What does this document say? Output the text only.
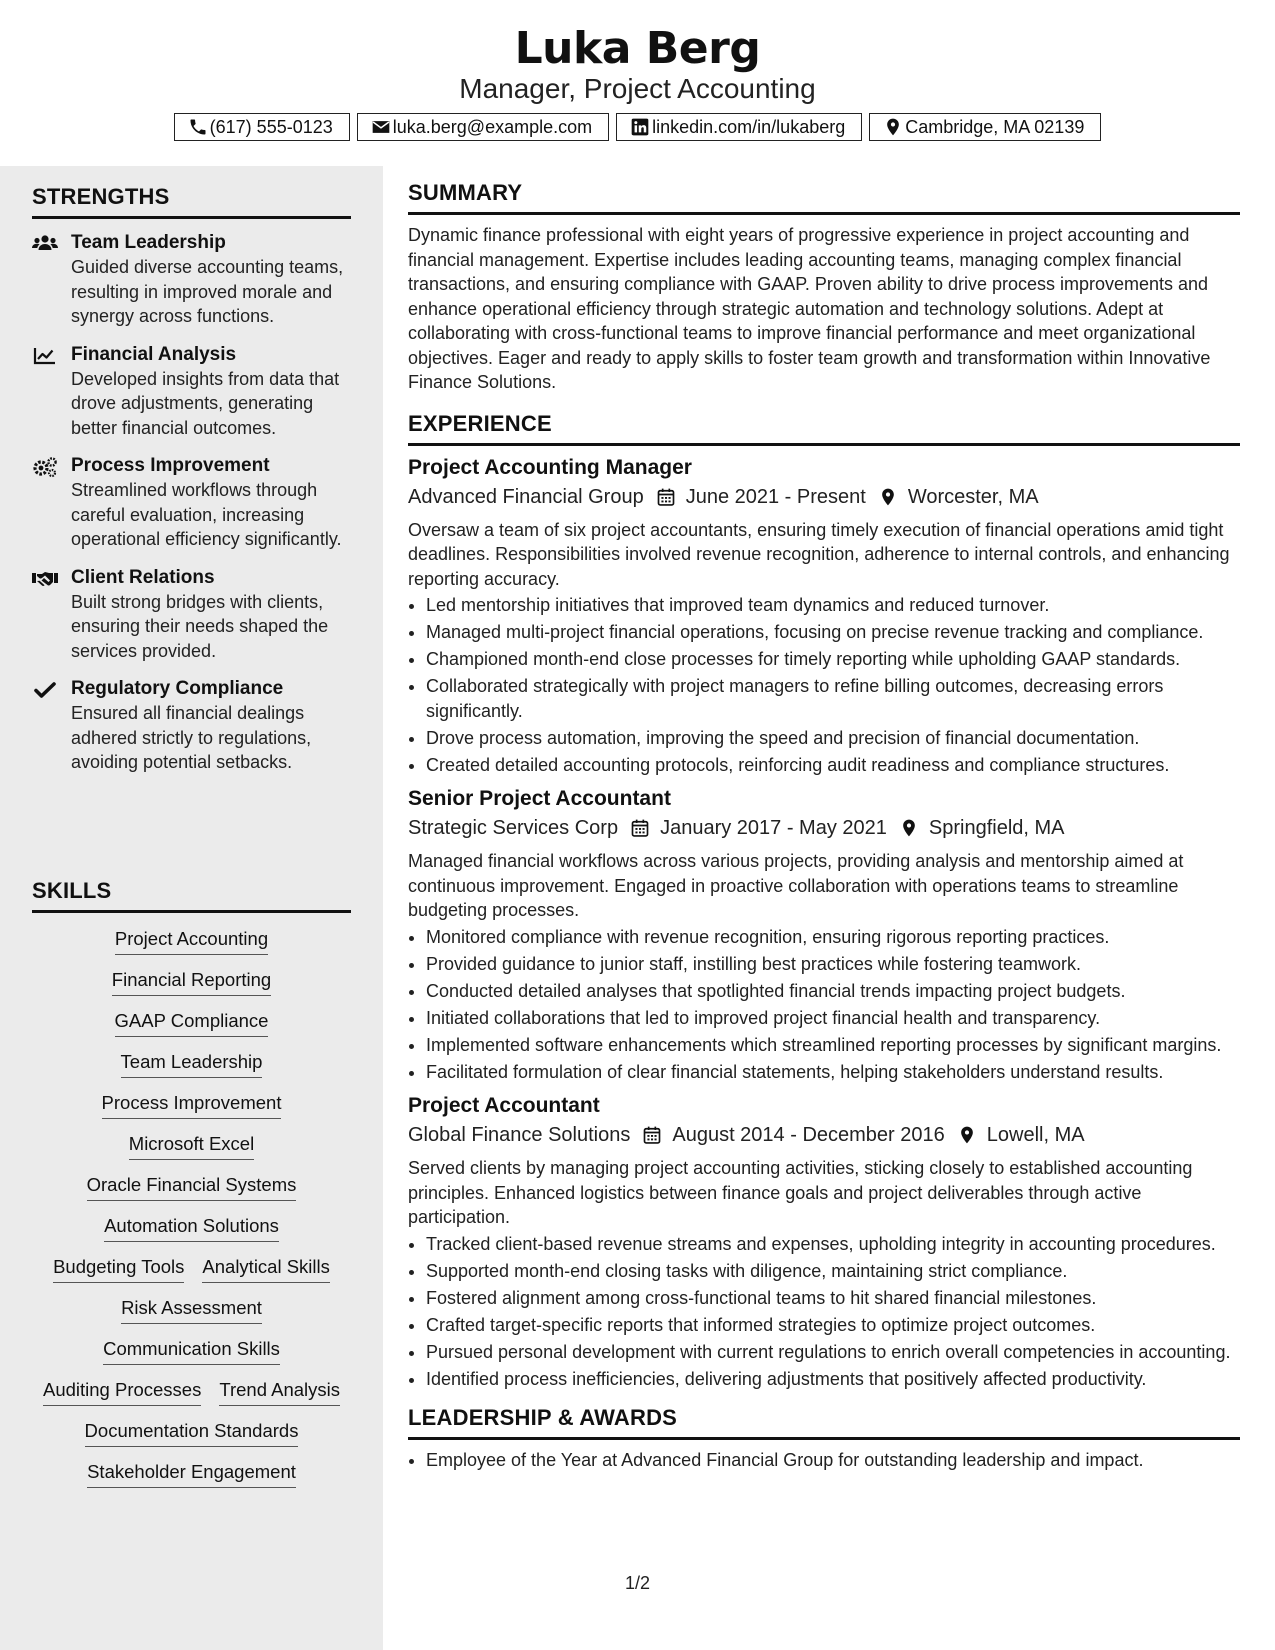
Luka Berg
Manager, Project Accounting
(617) 555-0123	luka.berg@example.com	linkedin.com/in/lukaberg	Cambridge, MA 02139
STRENGTHS
Team Leadership
Guided diverse accounting teams, resulting in improved morale and synergy across functions.
Financial Analysis
Developed insights from data that drove adjustments, generating better financial outcomes.
Process Improvement
Streamlined workflows through careful evaluation, increasing operational efficiency significantly.
Client Relations
Built strong bridges with clients, ensuring their needs shaped the services provided.
Regulatory Compliance
Ensured all financial dealings adhered strictly to regulations, avoiding potential setbacks.
SKILLS
Project Accounting
Financial Reporting
GAAP Compliance
Team Leadership
Process Improvement
Microsoft Excel
Oracle Financial Systems
Automation Solutions
Budgeting Tools Analytical Skills
Risk Assessment
Communication Skills
Auditing Processes Trend Analysis
Documentation Standards
Stakeholder Engagement
SUMMARY

Dynamic finance professional with eight years of progressive experience in project accounting and financial management. Expertise includes leading accounting teams, managing complex financial transactions, and ensuring compliance with GAAP. Proven ability to drive process improvements and enhance operational efficiency through strategic automation and technology solutions. Adept at collaborating with cross-functional teams to improve financial performance and meet organizational objectives. Eager and ready to apply skills to foster team growth and transformation within Innovative Finance Solutions.

EXPERIENCE
Project Accounting Manager
Advanced Financial Group June 2021 - Present Worcester, MA

Oversaw a team of six project accountants, ensuring timely execution of financial operations amid tight deadlines. Responsibilities involved revenue recognition, adherence to internal controls, and enhancing reporting accuracy.

• Led mentorship initiatives that improved team dynamics and reduced turnover.
• Managed multi-project financial operations, focusing on precise revenue tracking and compliance.
• Championed month-end close processes for timely reporting while upholding GAAP standards.
• Collaborated strategically with project managers to refine billing outcomes, decreasing errors significantly.
• Drove process automation, improving the speed and precision of financial documentation.
• Created detailed accounting protocols, reinforcing audit readiness and compliance structures.
Senior Project Accountant
Strategic Services Corp January 2017 - May 2021 Springfield, MA

Managed financial workflows across various projects, providing analysis and mentorship aimed at continuous improvement. Engaged in proactive collaboration with operations teams to streamline budgeting processes.

• Monitored compliance with revenue recognition, ensuring rigorous reporting practices.
• Provided guidance to junior staff, instilling best practices while fostering teamwork.
• Conducted detailed analyses that spotlighted financial trends impacting project budgets.
• Initiated collaborations that led to improved project financial health and transparency.
• Implemented software enhancements which streamlined reporting processes by significant margins.
• Facilitated formulation of clear financial statements, helping stakeholders understand results.
Project Accountant
Global Finance Solutions August 2014 - December 2016 Lowell, MA

Served clients by managing project accounting activities, sticking closely to established accounting principles. Enhanced logistics between finance goals and project deliverables through active participation.

• Tracked client-based revenue streams and expenses, upholding integrity in accounting procedures.
• Supported month-end closing tasks with diligence, maintaining strict compliance.
• Fostered alignment among cross-functional teams to hit shared financial milestones.
• Crafted target-specific reports that informed strategies to optimize project outcomes.
• Pursued personal development with current regulations to enrich overall competencies in accounting.
• Identified process inefficiencies, delivering adjustments that positively affected productivity.
LEADERSHIP & AWARDS
• Employee of the Year at Advanced Financial Group for outstanding leadership and impact.
1/2
